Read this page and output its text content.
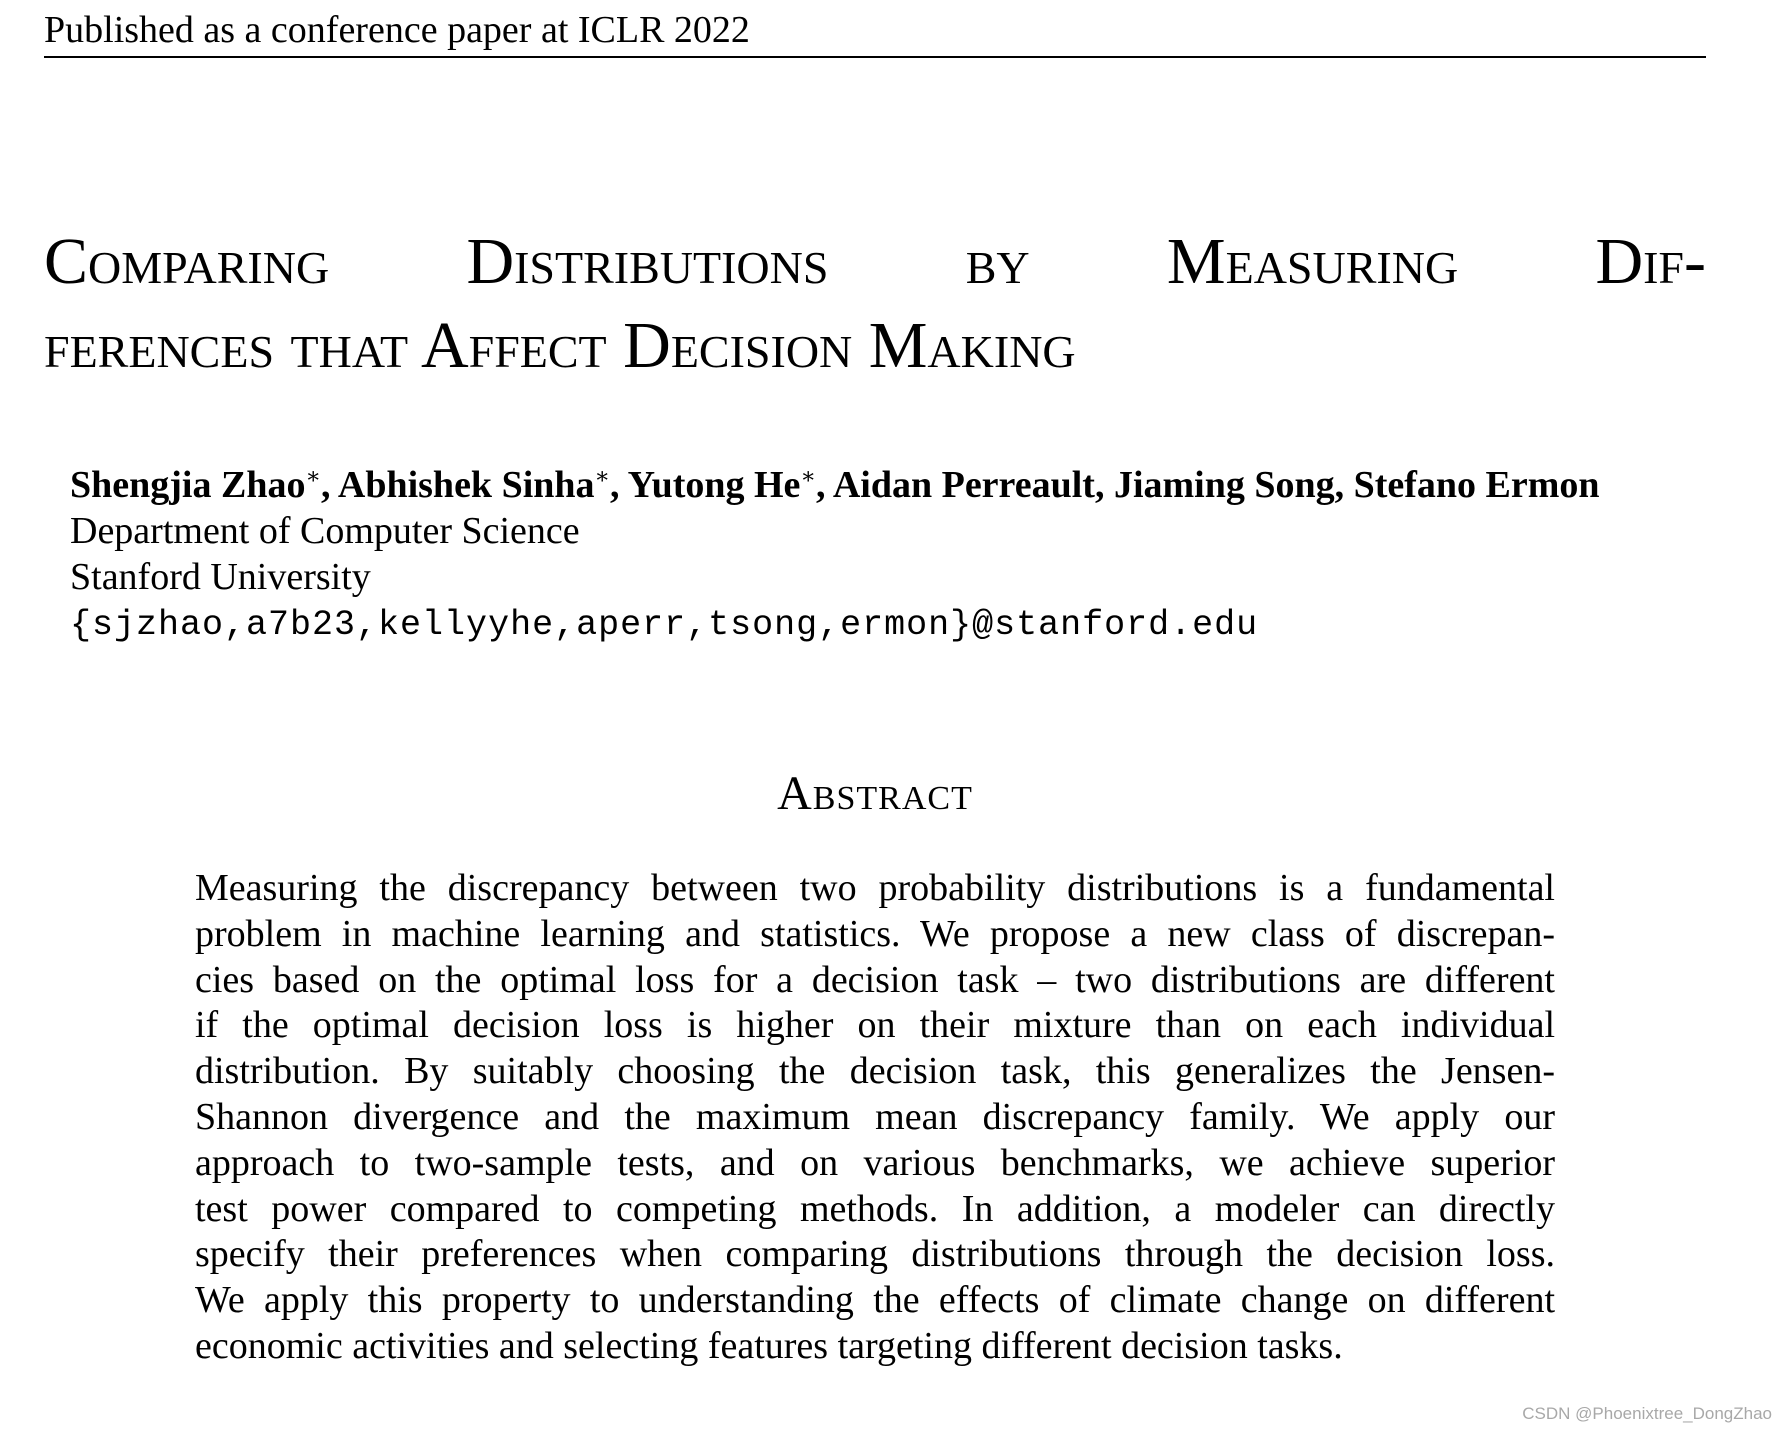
Published as a conference paper at ICLR 2022
Comparing Distributions by Measuring Dif-
ferences that Affect Decision Making
Shengjia Zhao∗, Abhishek Sinha∗, Yutong He∗, Aidan Perreault, Jiaming Song, Stefano Ermon
Department of Computer Science
Stanford University
{sjzhao,a7b23,kellyyhe,aperr,tsong,ermon}@stanford.edu
Abstract
Measuring the discrepancy between two probability distributions is a fundamental
problem in machine learning and statistics. We propose a new class of discrepan-
cies based on the optimal loss for a decision task – two distributions are different
if the optimal decision loss is higher on their mixture than on each individual
distribution. By suitably choosing the decision task, this generalizes the Jensen-
Shannon divergence and the maximum mean discrepancy family. We apply our
approach to two-sample tests, and on various benchmarks, we achieve superior
test power compared to competing methods. In addition, a modeler can directly
specify their preferences when comparing distributions through the decision loss.
We apply this property to understanding the effects of climate change on different
economic activities and selecting features targeting different decision tasks.
CSDN @Phoenixtree_DongZhao
